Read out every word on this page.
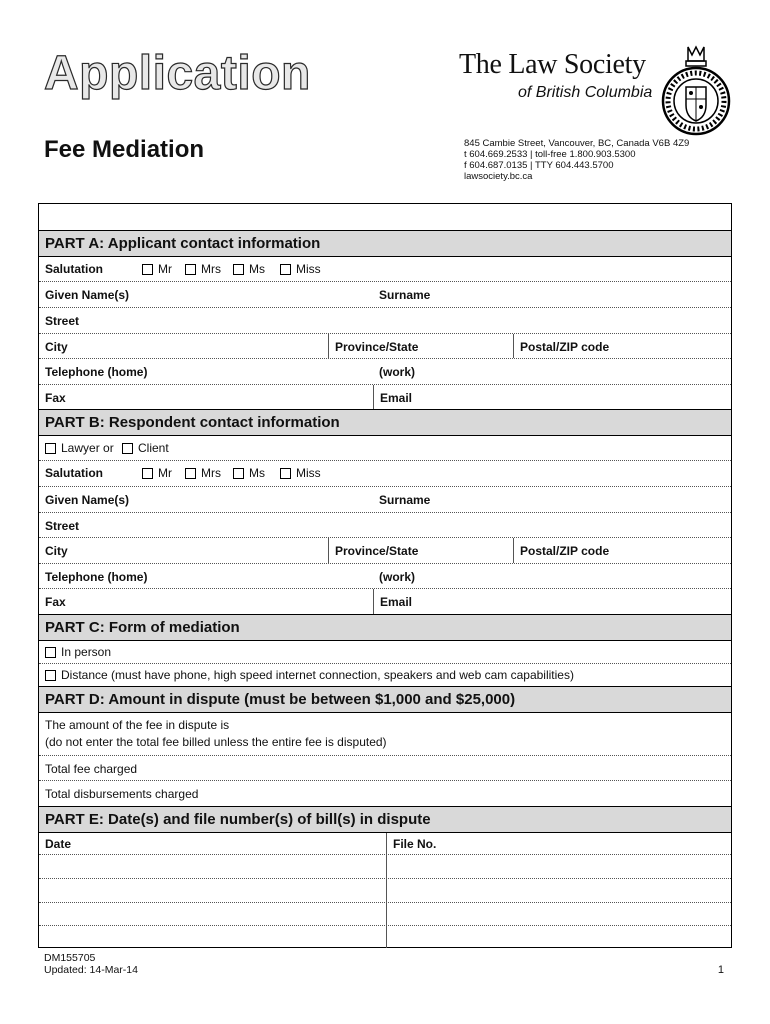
Application
Fee Mediation
The Law Society
of British Columbia
845 Cambie Street, Vancouver, BC, Canada V6B 4Z9
t 604.669.2533 | toll-free 1.800.903.5300
f 604.687.0135 | TTY 604.443.5700
lawsociety.bc.ca
PART A: Applicant contact information
Salutation	Mr	Mrs	Ms	Miss
Given Name(s)	Surname
Street
City	Province/State	Postal/ZIP code
Telephone (home)	(work)
Fax	Email
PART B: Respondent contact information
Lawyer or	Client
Salutation	Mr	Mrs	Ms	Miss
Given Name(s)	Surname
Street
City	Province/State	Postal/ZIP code
Telephone (home)	(work)
Fax	Email
PART C: Form of mediation
In person
Distance (must have phone, high speed internet connection, speakers and web cam capabilities)
PART D: Amount in dispute (must be between $1,000 and $25,000)
The amount of the fee in dispute is
(do not enter the total fee billed unless the entire fee is disputed)
Total fee charged
Total disbursements charged
PART E: Date(s) and file number(s) of bill(s) in dispute
Date	File No.
DM155705
Updated: 14-Mar-14	1
